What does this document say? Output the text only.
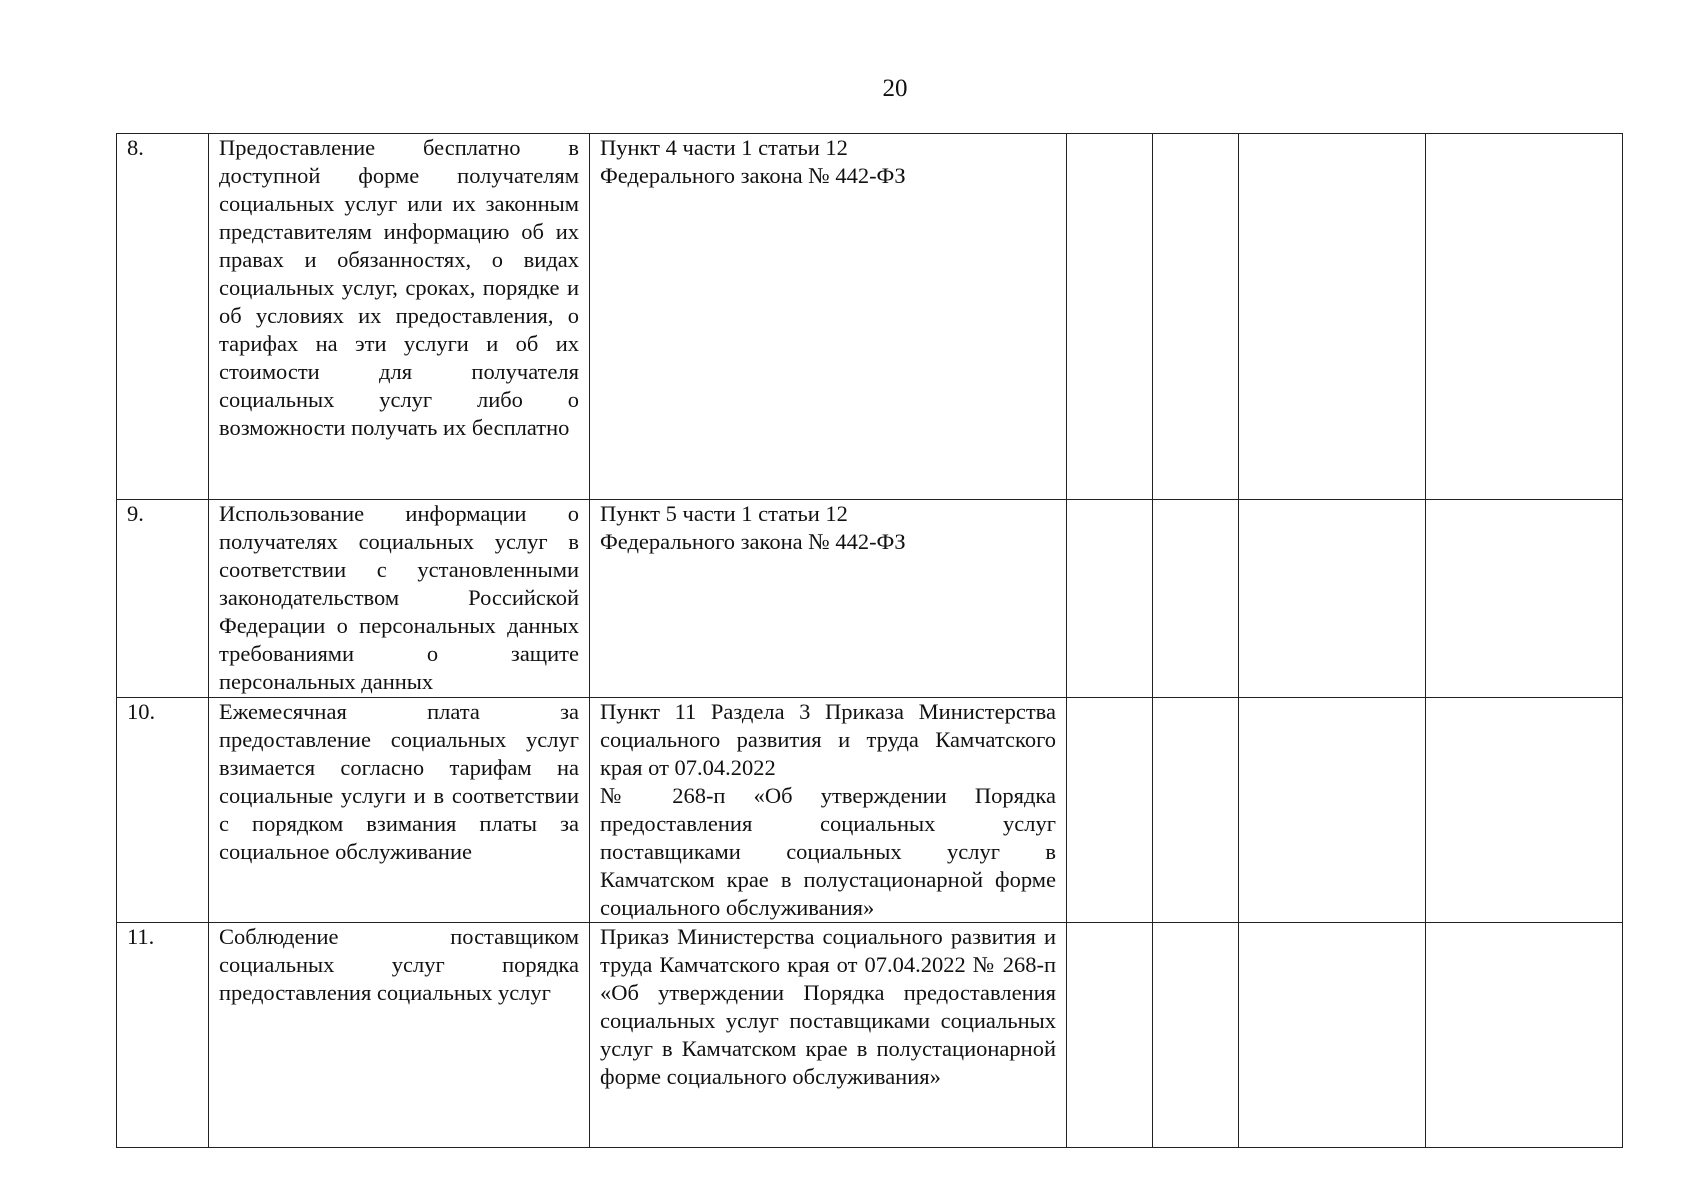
20
8.	Предоставление бесплатно в доступной форме получателям социальных услуг или их законным представителям информацию об их правах и обязанностях, о видах социальных услуг, сроках, порядке и об условиях их предоставления, о тарифах на эти услуги и об их стоимости для получателя социальных услуг либо о возможности получать их бесплатно	Пункт 4 части 1 статьи 12
Федерального закона № 442-ФЗ				
9.	Использование информации о получателях социальных услуг в соответствии с установленными законодательством Российской Федерации о персональных данных требованиями о защите персональных данных	Пункт 5 части 1 статьи 12
Федерального закона № 442-ФЗ				
10.	Ежемесячная плата за предоставление социальных услуг взимается согласно тарифам на социальные услуги и в соответствии с порядком взимания платы за социальное обслуживание	Пункт 11 Раздела 3 Приказа Министерства социального развития и труда Камчатского края от 07.04.2022
№ 268-п «Об утверждении Порядка предоставления социальных услуг поставщиками социальных услуг в Камчатском крае в полустационарной форме социального обслуживания»				
11.	Соблюдение поставщиком социальных услуг порядка предоставления социальных услуг	Приказ Министерства социального развития и труда Камчатского края от 07.04.2022 № 268-п «Об утверждении Порядка предоставления социальных услуг поставщиками социальных услуг в Камчатском крае в полустационарной форме социального обслуживания»				
